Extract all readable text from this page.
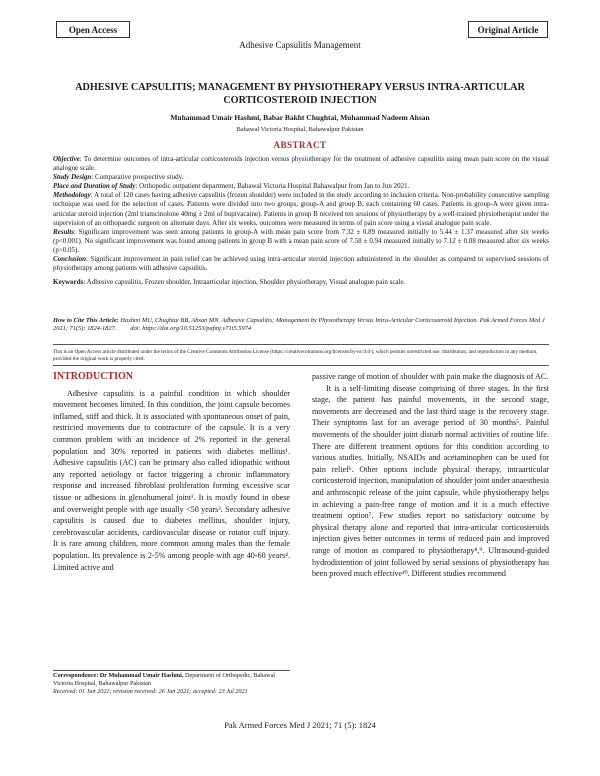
Open Access	Original Article
Adhesive Capsulitis Management
ADHESIVE CAPSULITIS; MANAGEMENT BY PHYSIOTHERAPY VERSUS INTRA-ARTICULAR CORTICOSTEROID INJECTION
Muhammad Umair Hashmi, Babar Bakht Chughtai, Muhammad Nadeem Ahsan
Bahawal Victoria Hospital, Bahawalpur Pakistan
ABSTRACT

Objective: To determine outcomes of intra-articular corticosteroids injection versus physiotherapy for the treatment of adhesive capsulitis using mean pain score on the visual analogue scale.

Study Design: Comparative prospective study.

Place and Duration of Study: Orthopedic outpatient department, Bahawal Victoria Hospital Bahawalpur from Jan to Jun 2021.

Methodology: A total of 120 cases having adhesive capsulitis (frozen shoulder) were included in the study according to inclusion criteria. Non-probability consecutive sampling technique was used for the selection of cases. Patients were divided into two groups, group-A and group B, each containing 60 cases. Patients in group-A were given intra-articular steroid injection (2ml triamcinolone 40mg ± 2ml of bupivacaine). Patients in group B received ten sessions of physiotherapy by a well-trained physiotherapist under the supervision of an orthopaedic surgeon on alternate days. After six weeks, outcomes were measured in terms of pain score using a visual analogue pain scale.

Results: Significant improvement was seen among patients in group-A with mean pain score from 7.32 ± 0.89 measured initially to 5.44 ± 1.37 measured after six weeks (p<0.001). No significant improvement was found among patients in group B with a mean pain score of 7.58 ± 0.94 measured initially to 7.12 ± 0.88 measured after six weeks (p>0.05).

Conclusion: Significant improvement in pain relief can be achieved using intra-articular steroid injection administered in the shoulder as compared to supervised sessions of physiotherapy among patients with adhesive capsulitis.

Keywords: Adhesive capsulitis, Frozen shoulder, Intraarticular injection, Shoulder physiotherapy, Visual analogue pain scale.

How to Cite This Article: Hashmi MU, Chughtai BB, Ahsan MN. Adhesive Capsulitis; Management by Physiotherapy Versus Intra-Articular Corticosteroid Injection. Pak Armed Forces Med J 2021; 71(5): 1824-1827. doi: https://doi.org/10.51253/pafmj.v71i5.5974
This is an Open Access article distributed under the terms of the Creative Commons Attribution License (https://creativecommons.org/licenses/by-nc/4.0/), which permits unrestricted use, distribution, and reproduction in any medium, provided the original work is properly cited.
INTRODUCTION

Adhesive capsulitis is a painful condition in which shoulder movement becomes limited. In this condition, the joint capsule becomes inflamed, stiff and thick. It is associated with spontaneous onset of pain, restricted movements due to contracture of the capsule. It is a very common problem with an incidence of 2% reported in the general population and 30% reported in patients with diabetes mellitus¹. Adhesive capsulitis (AC) can be primary also called idiopathic without any reported aetiology or factor triggering a chronic inflammatory response and increased fibroblast proliferation forming excessive scar tissue or adhesions in glenohumeral joint². It is mostly found in obese and overweight people with age usually <50 years³. Secondary adhesive capsulitis is caused due to diabetes mellitus, shoulder injury, cerebrovascular accidents, cardiovascular disease or rotator cuff injury. It is rare among children, more common among males than the female population. Its prevalence is 2-5% among people with age 40-60 years⁴. Limited active and

passive range of motion of shoulder with pain make the diagnosis of AC.

It is a self-limiting disease comprising of three stages. In the first stage, the patient has painful movements, in the second stage, movements are decreased and the last third stage is the recovery stage. Their symptoms last for an average period of 30 months⁵. Painful movements of the shoulder joint disturb normal activities of routine life. There are different treatment options for this condition according to various studies. Initially, NSAIDs and acetaminophen can be used for pain relief⁶. Other options include physical therapy, intraarticular corticosteroid injection, manipulation of shoulder joint under anaesthesia and arthroscopic release of the joint capsule, while physiotherapy helps in achieving a pain-free range of motion and it is a much effective treatment option⁷. Few studies report no satisfactory outcome by physical therapy alone and reported that intra-articular corticosteroids injection gives better outcomes in terms of reduced pain and improved range of motion as compared to physiotherapy⁸,⁹. Ultrasound-guided hydrodistention of joint followed by serial sessions of physiotherapy has been proved much effective¹⁰. Different studies recommend

Correspondence: Dr Muhammad Umair Hashmi, Department of Orthopedic, Bahawal Victoria Hospital, Bahawalpur Pakistan
Received: 01 Jan 2021; revision received: 26 Jun 2021; accepted: 23 Jul 2021
Pak Armed Forces Med J 2021; 71 (5): 1824
